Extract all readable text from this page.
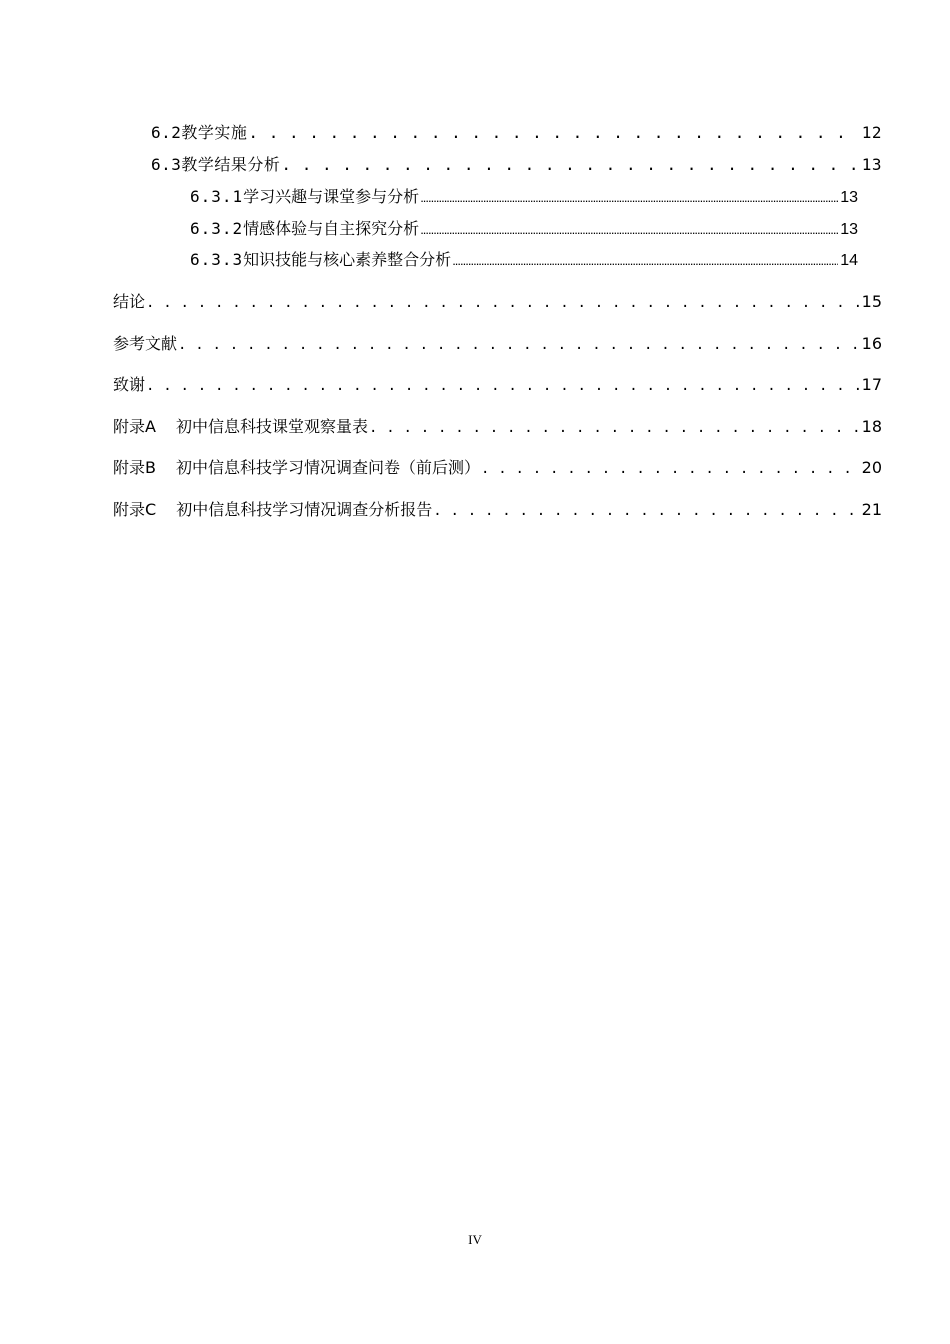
6.2 教学实施 . . .	12
6.3 教学结果分析 . . .	13
6.3.1 学习兴趣与课堂参与分析 .....	13
6.3.2 情感体验与自主探究分析 .....	13
6.3.3 知识技能与核心素养整合分析 .....	14
结论 . . .	15
参考文献 . . .	16
致谢 . . .	17
附录A	初中信息科技课堂观察量表 . . .	18
附录B	初中信息科技学习情况调查问卷（前后测） . . .	20
附录C	初中信息科技学习情况调查分析报告 . . .	21
IV
